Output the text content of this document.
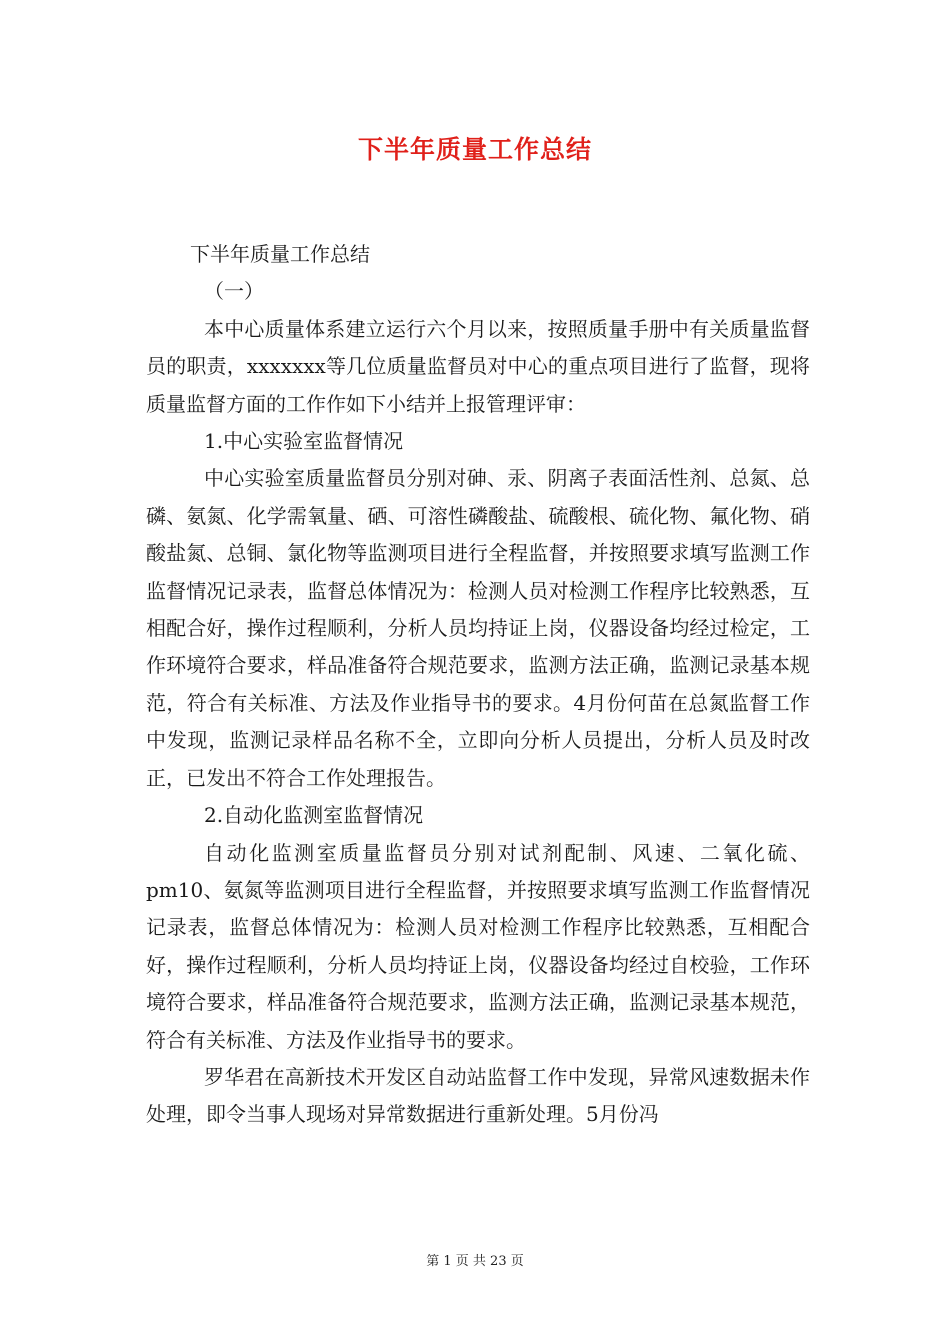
下半年质量工作总结

下半年质量工作总结

（一）

本中心质量体系建立运行六个月以来，按照质量手册中有关质量监督员的职责，xxxxxxx等几位质量监督员对中心的重点项目进行了监督，现将质量监督方面的工作作如下小结并上报管理评审：

1.中心实验室监督情况

中心实验室质量监督员分别对砷、汞、阴离子表面活性剂、总氮、总磷、氨氮、化学需氧量、硒、可溶性磷酸盐、硫酸根、硫化物、氟化物、硝酸盐氮、总铜、氯化物等监测项目进行全程监督，并按照要求填写监测工作监督情况记录表，监督总体情况为：检测人员对检测工作程序比较熟悉，互相配合好，操作过程顺利，分析人员均持证上岗，仪器设备均经过检定，工作环境符合要求，样品准备符合规范要求，监测方法正确，监测记录基本规范，符合有关标准、方法及作业指导书的要求。4月份何苗在总氮监督工作中发现，监测记录样品名称不全，立即向分析人员提出，分析人员及时改正，已发出不符合工作处理报告。

2.自动化监测室监督情况

自动化监测室质量监督员分别对试剂配制、风速、二氧化硫、pm10、氨氮等监测项目进行全程监督，并按照要求填写监测工作监督情况记录表，监督总体情况为：检测人员对检测工作程序比较熟悉，互相配合好，操作过程顺利，分析人员均持证上岗，仪器设备均经过自校验，工作环境符合要求，样品准备符合规范要求，监测方法正确，监测记录基本规范，符合有关标准、方法及作业指导书的要求。

罗华君在高新技术开发区自动站监督工作中发现，异常风速数据未作处理，即令当事人现场对异常数据进行重新处理。5月份冯

第 1 页 共 23 页
